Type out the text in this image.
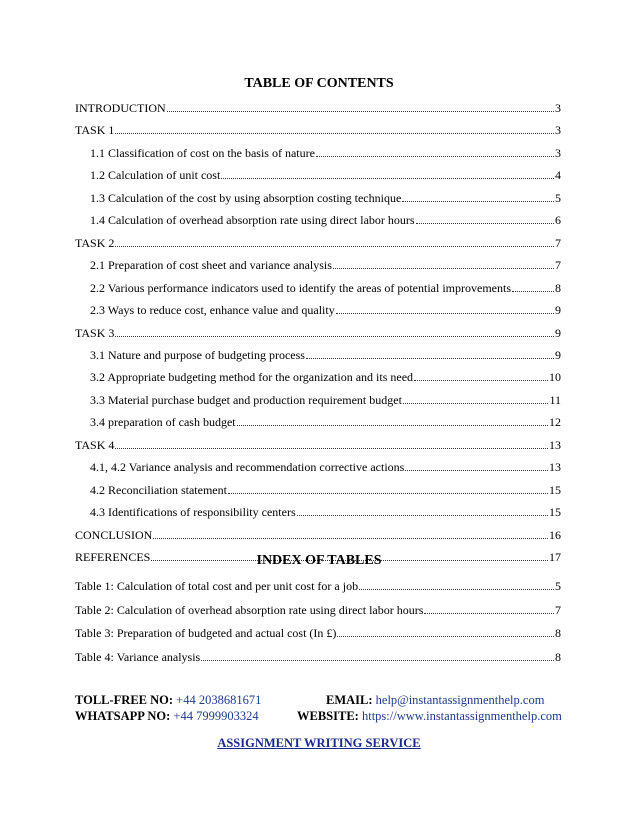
TABLE OF CONTENTS
INTRODUCTION	3
TASK 1	3
1.1 Classification of cost on the basis of nature	3
1.2 Calculation of unit cost	4
1.3 Calculation of the cost by using absorption costing technique	5
1.4 Calculation of overhead absorption rate using direct labor hours	6
TASK 2	7
2.1 Preparation of cost sheet and variance analysis	7
2.2 Various performance indicators used to identify the areas of potential improvements	8
2.3 Ways to reduce cost, enhance value and quality	9
TASK 3	9
3.1 Nature and purpose of budgeting process	9
3.2 Appropriate budgeting method for the organization and its need	10
3.3 Material purchase budget and production requirement budget	11
3.4 preparation of cash budget	12
TASK 4	13
4.1, 4.2 Variance analysis and recommendation corrective actions	13
4.2 Reconciliation statement	15
4.3 Identifications of responsibility centers	15
CONCLUSION	16
REFERENCES	17
INDEX OF TABLES
Table 1: Calculation of total cost and per unit cost for a job	5
Table 2: Calculation of overhead absorption rate using direct labor hours	7
Table 3: Preparation of budgeted and actual cost (In £)	8
Table 4: Variance analysis	8
TOLL-FREE NO: +44 2038681671	EMAIL: help@instantassignmenthelp.com
WHATSAPP NO: +44 7999903324	WEBSITE: https://www.instantassignmenthelp.com
ASSIGNMENT WRITING SERVICE
